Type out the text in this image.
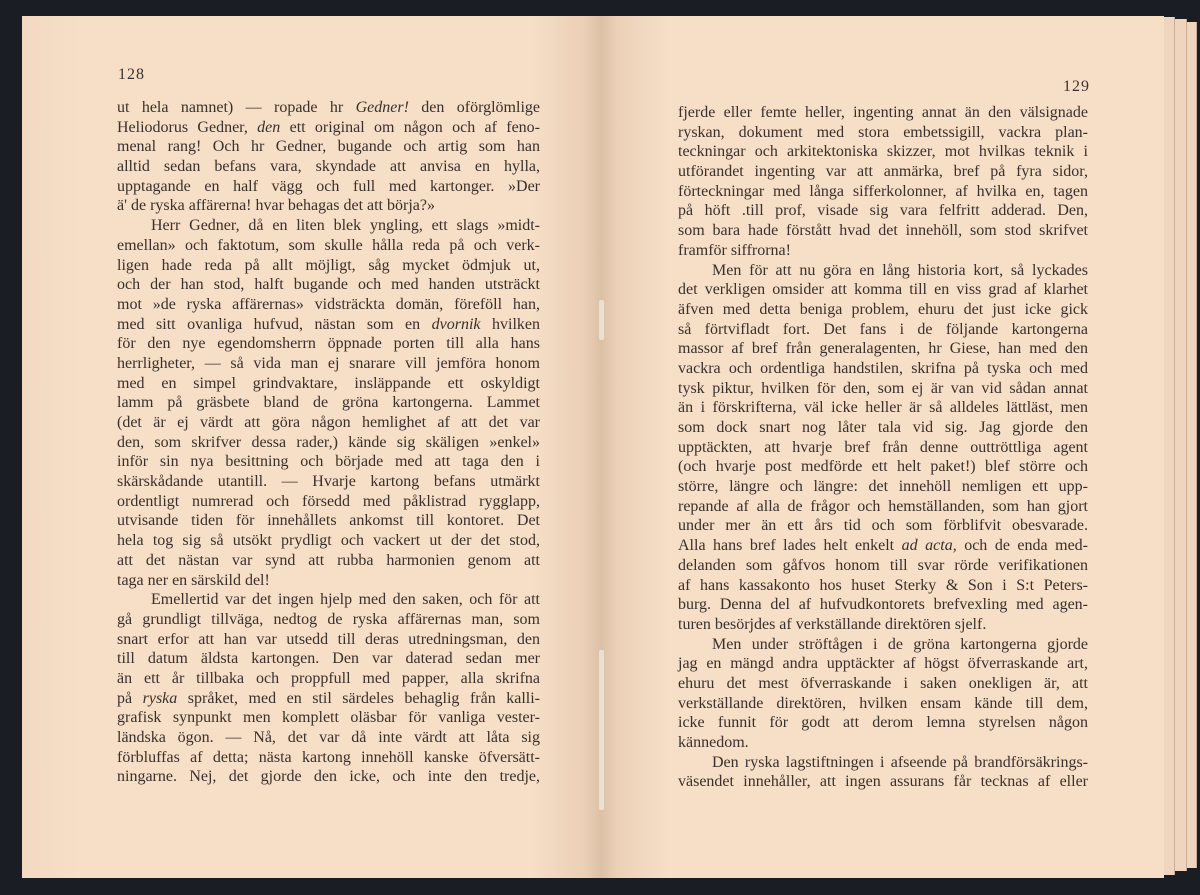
128
ut hela namnet) — ropade hr Gedner! den oförglömlige
Heliodorus Gedner, den ett original om någon och af feno-
menal rang! Och hr Gedner, bugande och artig som han
alltid sedan befans vara, skyndade att anvisa en hylla,
upptagande en half vägg och full med kartonger. »Der
ä' de ryska affärerna! hvar behagas det att börja?»
Herr Gedner, då en liten blek yngling, ett slags »midt-
emellan» och faktotum, som skulle hålla reda på och verk-
ligen hade reda på allt möjligt, såg mycket ödmjuk ut,
och der han stod, halft bugande och med handen utsträckt
mot »de ryska affärernas» vidsträckta domän, föreföll han,
med sitt ovanliga hufvud, nästan som en dvornik hvilken
för den nye egendomsherrn öppnade porten till alla hans
herrligheter, — så vida man ej snarare vill jemföra honom
med en simpel grindvaktare, insläppande ett oskyldigt
lamm på gräsbete bland de gröna kartongerna. Lammet
(det är ej värdt att göra någon hemlighet af att det var
den, som skrifver dessa rader,) kände sig skäligen »enkel»
inför sin nya besittning och började med att taga den i
skärskådande utantill. — Hvarje kartong befans utmärkt
ordentligt numrerad och försedd med påklistrad rygglapp,
utvisande tiden för innehållets ankomst till kontoret. Det
hela tog sig så utsökt prydligt och vackert ut der det stod,
att det nästan var synd att rubba harmonien genom att
taga ner en särskild del!
Emellertid var det ingen hjelp med den saken, och för att
gå grundligt tillväga, nedtog de ryska affärernas man, som
snart erfor att han var utsedd till deras utredningsman, den
till datum äldsta kartongen. Den var daterad sedan mer
än ett år tillbaka och proppfull med papper, alla skrifna
på ryska språket, med en stil särdeles behaglig från kalli-
grafisk synpunkt men komplett oläsbar för vanliga vester-
ländska ögon. — Nå, det var då inte värdt att låta sig
förbluffas af detta; nästa kartong innehöll kanske öfversätt-
ningarne. Nej, det gjorde den icke, och inte den tredje,
129
fjerde eller femte heller, ingenting annat än den välsignade
ryskan, dokument med stora embetssigill, vackra plan-
teckningar och arkitektoniska skizzer, mot hvilkas teknik i
utförandet ingenting var att anmärka, bref på fyra sidor,
förteckningar med långa sifferkolonner, af hvilka en, tagen
på höft .till prof, visade sig vara felfritt adderad. Den,
som bara hade förstått hvad det innehöll, som stod skrifvet
framför siffrorna!
Men för att nu göra en lång historia kort, så lyckades
det verkligen omsider att komma till en viss grad af klarhet
äfven med detta beniga problem, ehuru det just icke gick
så förtvifladt fort. Det fans i de följande kartongerna
massor af bref från generalagenten, hr Giese, han med den
vackra och ordentliga handstilen, skrifna på tyska och med
tysk piktur, hvilken för den, som ej är van vid sådan annat
än i förskrifterna, väl icke heller är så alldeles lättläst, men
som dock snart nog låter tala vid sig. Jag gjorde den
upptäckten, att hvarje bref från denne outtröttliga agent
(och hvarje post medförde ett helt paket!) blef större och
större, längre och längre: det innehöll nemligen ett upp-
repande af alla de frågor och hemställanden, som han gjort
under mer än ett års tid och som förblifvit obesvarade.
Alla hans bref lades helt enkelt ad acta, och de enda med-
delanden som gåfvos honom till svar rörde verifikationen
af hans kassakonto hos huset Sterky & Son i S:t Peters-
burg. Denna del af hufvudkontorets brefvexling med agen-
turen besörjdes af verkställande direktören sjelf.
Men under ströftågen i de gröna kartongerna gjorde
jag en mängd andra upptäckter af högst öfverraskande art,
ehuru det mest öfverraskande i saken onekligen är, att
verkställande direktören, hvilken ensam kände till dem,
icke funnit för godt att derom lemna styrelsen någon
kännedom.
Den ryska lagstiftningen i afseende på brandförsäkrings-
väsendet innehåller, att ingen assurans får tecknas af eller
